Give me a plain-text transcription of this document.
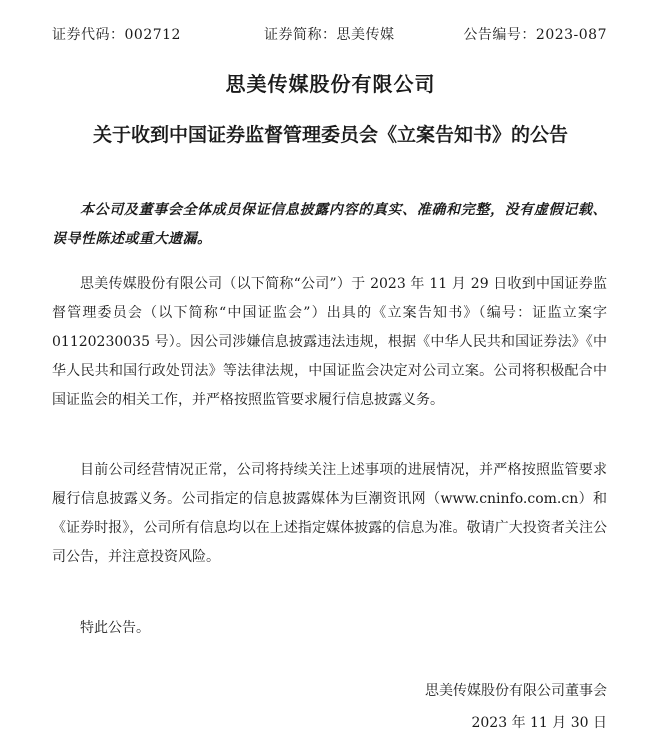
证券代码：002712	证券简称：思美传媒	公告编号：2023-087
思美传媒股份有限公司
关于收到中国证券监督管理委员会《立案告知书》的公告

本公司及董事会全体成员保证信息披露内容的真实、准确和完整，没有虚假记载、误导性陈述或重大遗漏。

思美传媒股份有限公司（以下简称“公司”）于 2023 年 11 月 29 日收到中国证券监督管理委员会（以下简称“中国证监会”）出具的《立案告知书》（编号：证监立案字 01120230035 号）。因公司涉嫌信息披露违法违规，根据《中华人民共和国证券法》《中华人民共和国行政处罚法》等法律法规，中国证监会决定对公司立案。公司将积极配合中国证监会的相关工作，并严格按照监管要求履行信息披露义务。

目前公司经营情况正常，公司将持续关注上述事项的进展情况，并严格按照监管要求履行信息披露义务。公司指定的信息披露媒体为巨潮资讯网（www.cninfo.com.cn）和《证券时报》，公司所有信息均以在上述指定媒体披露的信息为准。敬请广大投资者关注公司公告，并注意投资风险。

特此公告。
思美传媒股份有限公司董事会
2023 年 11 月 30 日
